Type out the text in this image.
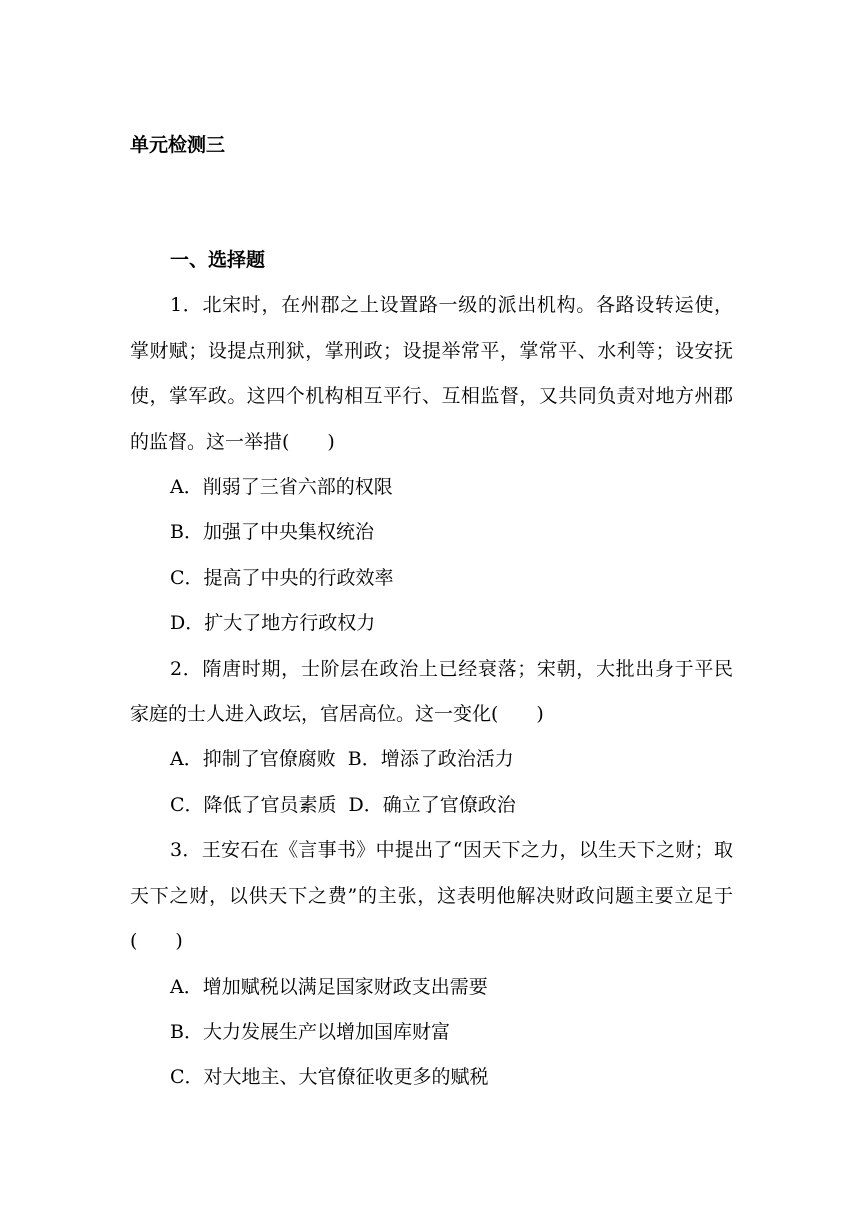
单元检测三
一、选择题

1．北宋时，在州郡之上设置路一级的派出机构。各路设转运使，掌财赋；设提点刑狱，掌刑政；设提举常平，掌常平、水利等；设安抚使，掌军政。这四个机构相互平行、互相监督，又共同负责对地方州郡的监督。这一举措(　　)

A．削弱了三省六部的权限
B．加强了中央集权统治
C．提高了中央的行政效率
D．扩大了地方行政权力

2．隋唐时期，士阶层在政治上已经衰落；宋朝，大批出身于平民家庭的士人进入政坛，官居高位。这一变化(　　)

A．抑制了官僚腐败 B．增添了政治活力
C．降低了官员素质 D．确立了官僚政治

3．王安石在《言事书》中提出了“因天下之力，以生天下之财；取天下之财，以供天下之费”的主张，这表明他解决财政问题主要立足于(　　)

A．增加赋税以满足国家财政支出需要
B．大力发展生产以增加国库财富
C．对大地主、大官僚征收更多的赋税
